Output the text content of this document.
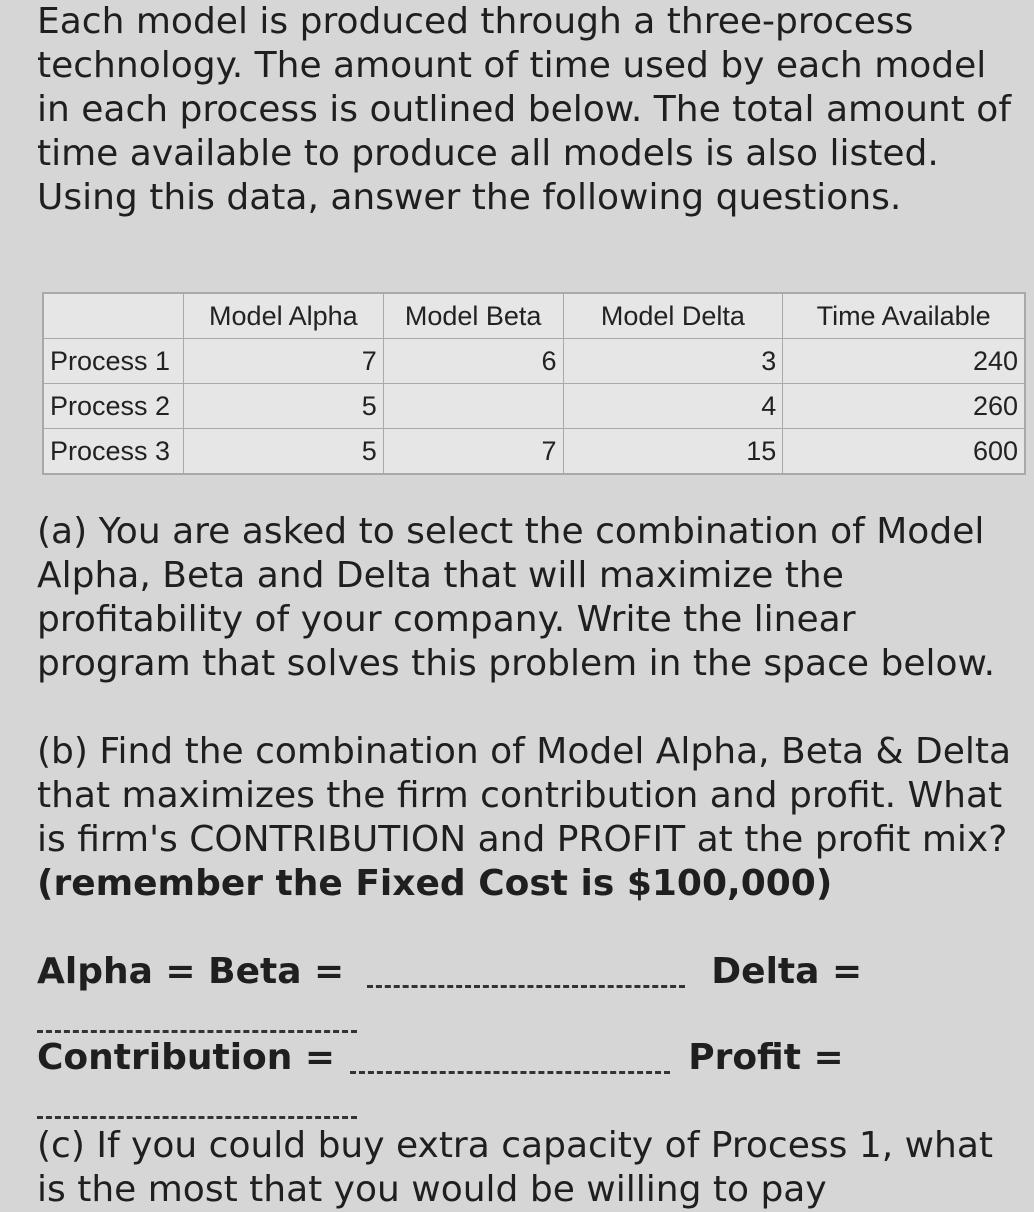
Each model is produced through a three-process technology. The amount of time used by each model in each process is outlined below. The total amount of time available to produce all models is also listed. Using this data, answer the following questions.

	Model Alpha	Model Beta	Model Delta	Time Available
Process 1	7	6	3	240
Process 2	5		4	260
Process 3	5	7	15	600

(a) You are asked to select the combination of Model Alpha, Beta and Delta that will maximize the profitability of your company. Write the linear program that solves this problem in the space below.

(b) Find the combination of Model Alpha, Beta & Delta that maximizes the firm contribution and profit. What is firm's CONTRIBUTION and PROFIT at the profit mix? (remember the Fixed Cost is $100,000)

Alpha = Beta =	Delta =
Contribution =	Profit =

(c) If you could buy extra capacity of Process 1, what is the most that you would be willing to pay
